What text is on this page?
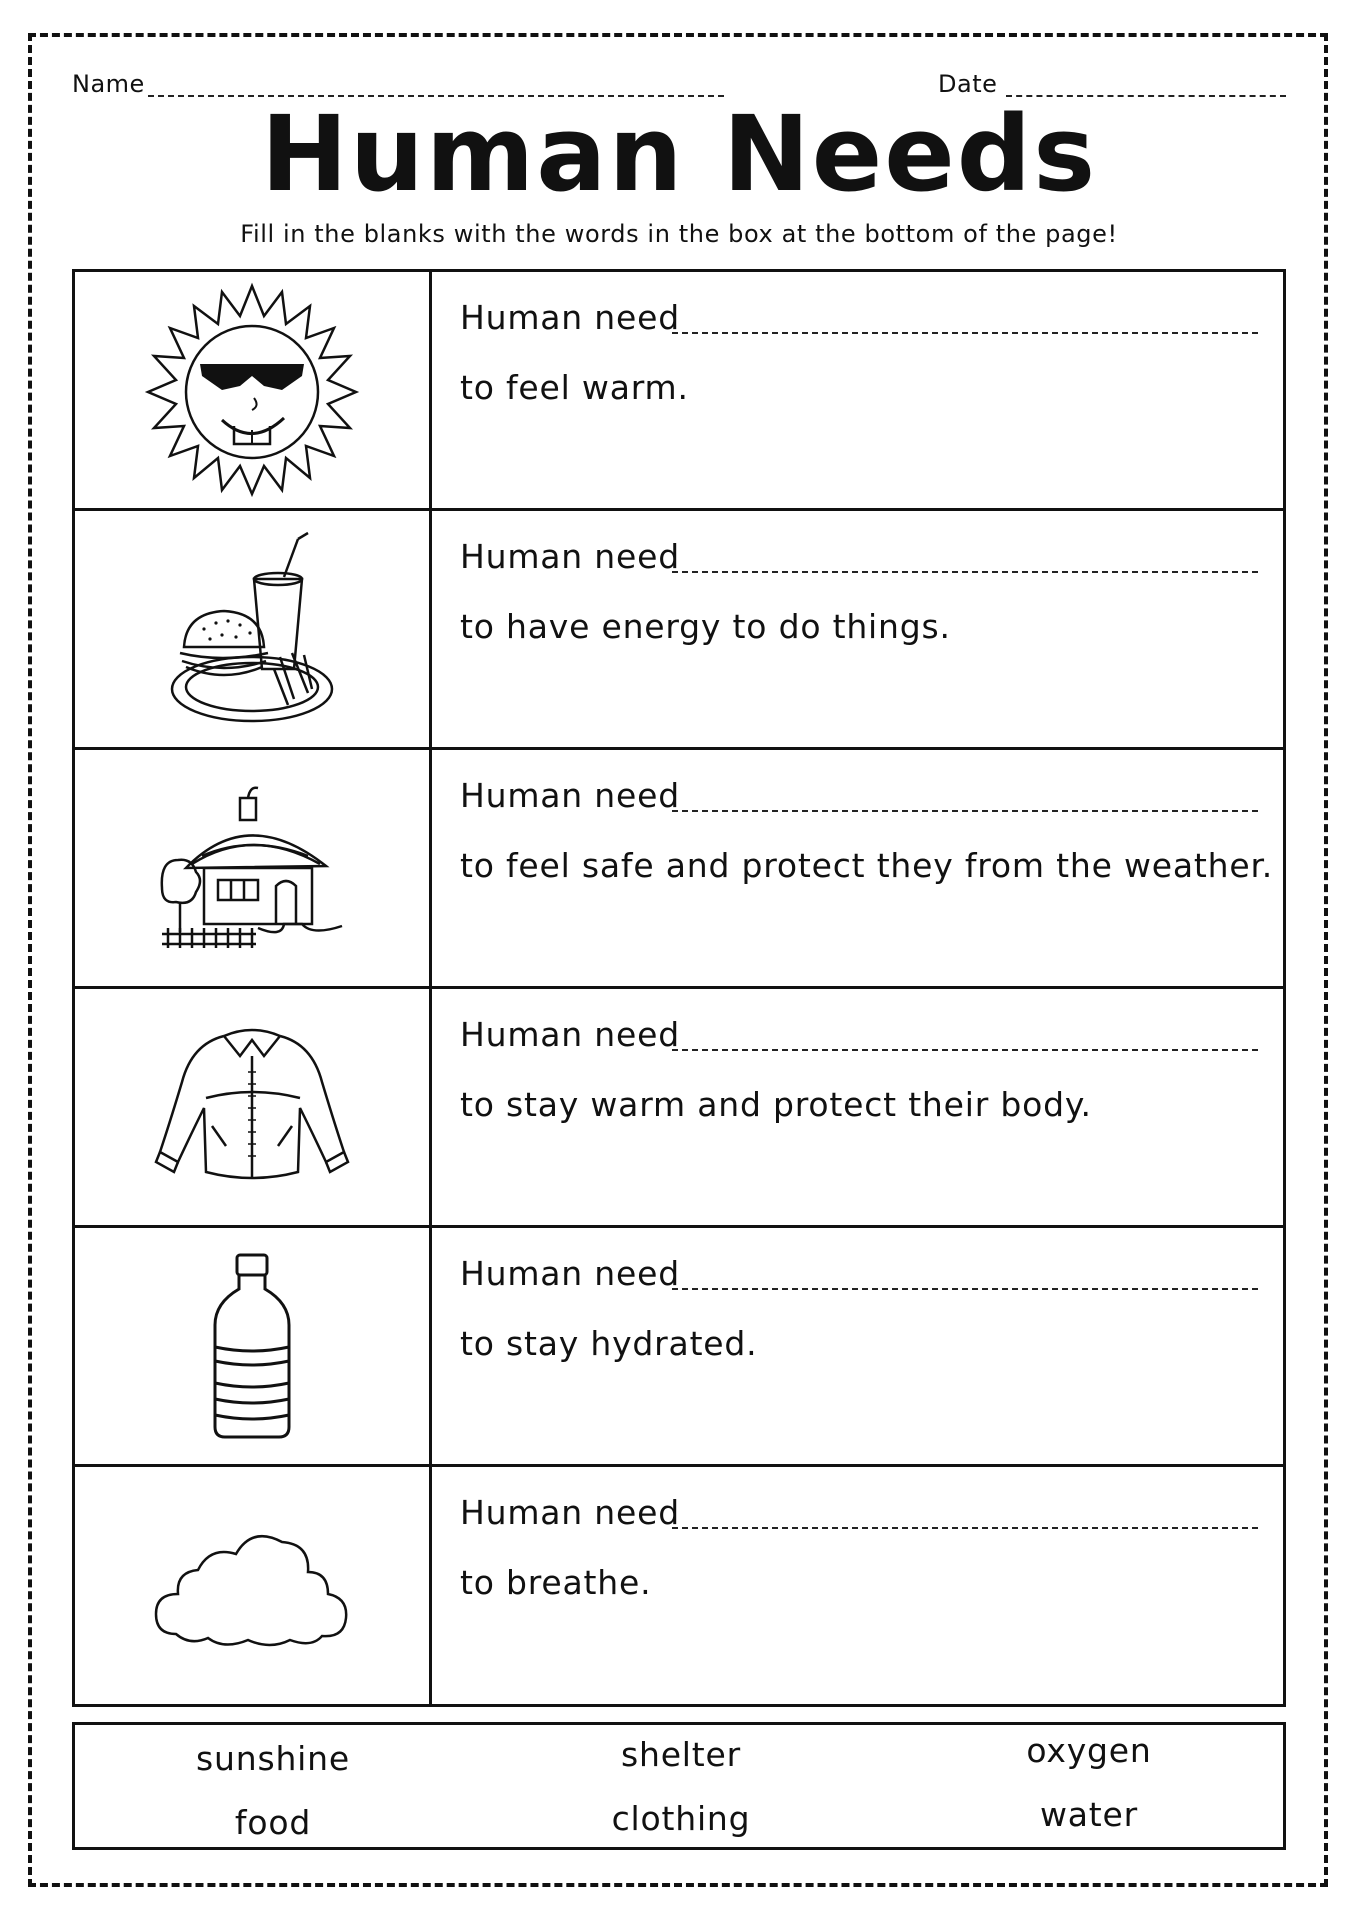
Name	Date
Human Needs
Fill in the blanks with the words in the box at the bottom of the page!
Human need
to feel warm.
Human need
to have energy to do things.
Human need
to feel safe and protect they from the weather.
Human need
to stay warm and protect their body.
Human need
to stay hydrated.
Human need
to breathe.
sunshine	shelter	oxygen
food	clothing	water
